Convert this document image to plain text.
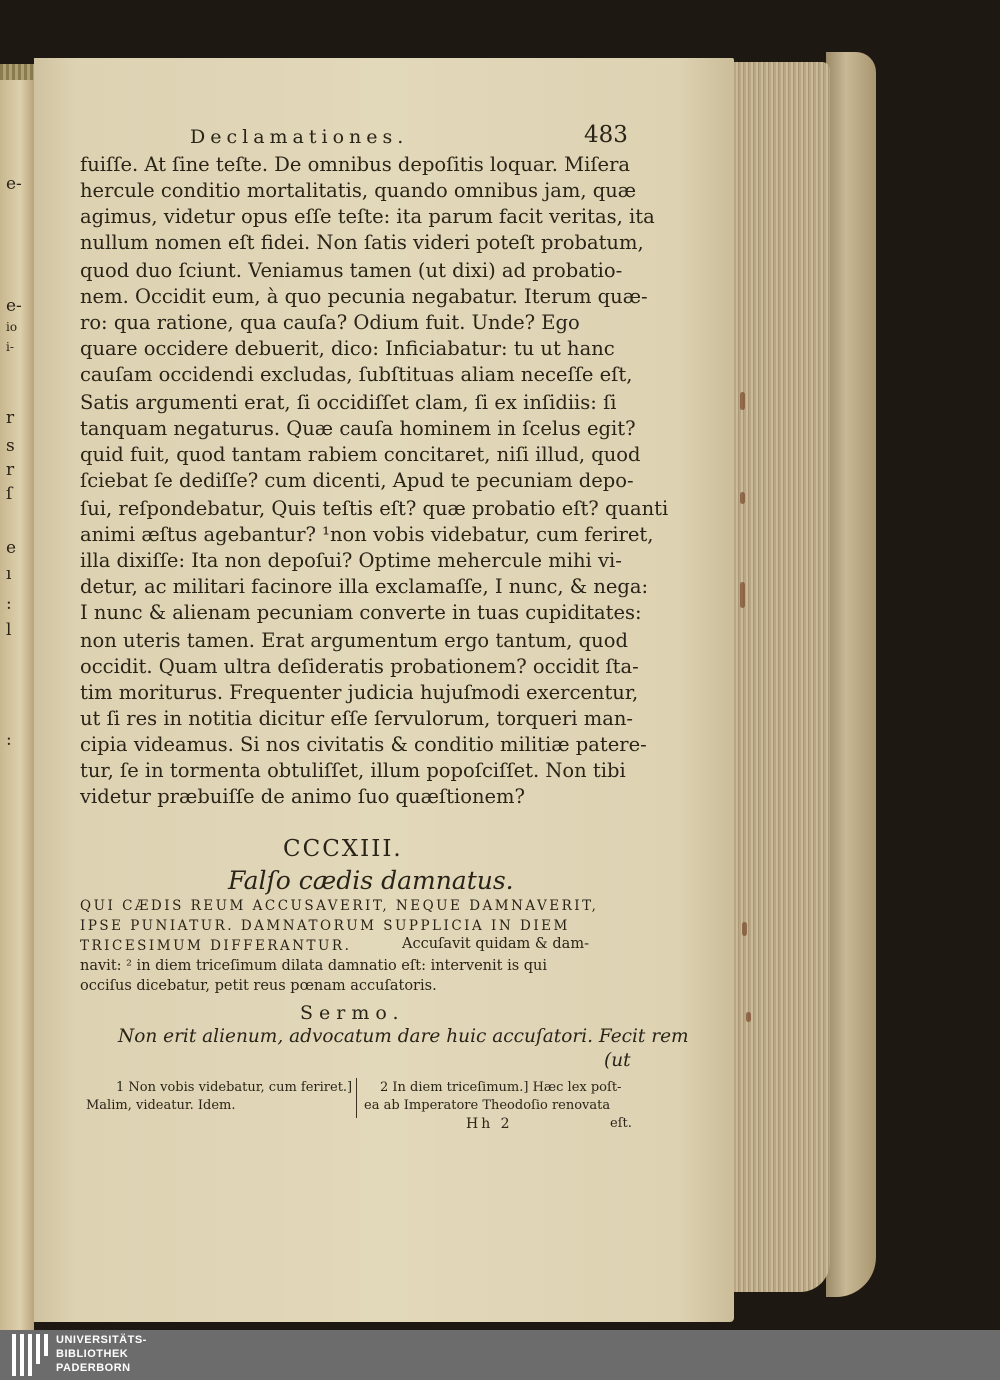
e-
e-
io
i-
r
s
r
ſ
e
ı
:
l
:
Declamationes.	483
fuiſſe. At ſine teſte. De omnibus depoſitis loquar. Miſera
hercule conditio mortalitatis, quando omnibus jam, quæ
agimus, videtur opus eſſe teſte: ita parum facit veritas, ita
nullum nomen eſt fidei. Non ſatis videri poteſt probatum,
quod duo ſciunt. Veniamus tamen (ut dixi) ad probatio-
nem. Occidit eum, à quo pecunia negabatur. Iterum quæ-
ro: qua ratione, qua cauſa? Odium fuit. Unde? Ego
quare occidere debuerit, dico: Inficiabatur: tu ut hanc
cauſam occidendi excludas, ſubſtituas aliam neceſſe eſt,
Satis argumenti erat, ſi occidiſſet clam, ſi ex inſidiis: ſi
tanquam negaturus. Quæ cauſa hominem in ſcelus egit?
quid fuit, quod tantam rabiem concitaret, niſi illud, quod
ſciebat ſe dediſſe? cum dicenti, Apud te pecuniam depo-
ſui, reſpondebatur, Quis teſtis eſt? quæ probatio eſt? quanti
animi æſtus agebantur? ¹non vobis videbatur, cum feriret,
illa dixiſſe: Ita non depoſui? Optime mehercule mihi vi-
detur, ac militari facinore illa exclamaſſe, I nunc, & nega:
I nunc & alienam pecuniam converte in tuas cupiditates:
non uteris tamen. Erat argumentum ergo tantum, quod
occidit. Quam ultra deſideratis probationem? occidit ſta-
tim moriturus. Frequenter judicia hujuſmodi exercentur,
ut ſi res in notitia dicitur eſſe ſervulorum, torqueri man-
cipia videamus. Si nos civitatis & conditio militiæ patere-
tur, ſe in tormenta obtuliſſet, illum popoſciſſet. Non tibi
videtur præbuiſſe de animo ſuo quæſtionem?
CCCXIII.
Falſo cædis damnatus.
QUI CÆDIS REUM ACCUSAVERIT, NEQUE DAMNAVERIT,
IPSE PUNIATUR. DAMNATORUM SUPPLICIA IN DIEM
TRICESIMUM DIFFERANTUR.	Accuſavit quidam & dam-
navit: ² in diem triceſimum dilata damnatio eſt: intervenit is qui
occiſus dicebatur, petit reus pœnam accuſatoris.
Sermo.
Non erit alienum, advocatum dare huic accuſatori. Fecit rem
(ut
1 Non vobis videbatur, cum feriret.]
Malim, videatur. Idem.
2 In diem triceſimum.] Hæc lex poſt-
ea ab Imperatore Theodoſio renovata
eſt.
Hh 2
UNIVERSITÄTS-
BIBLIOTHEK
PADERBORN
